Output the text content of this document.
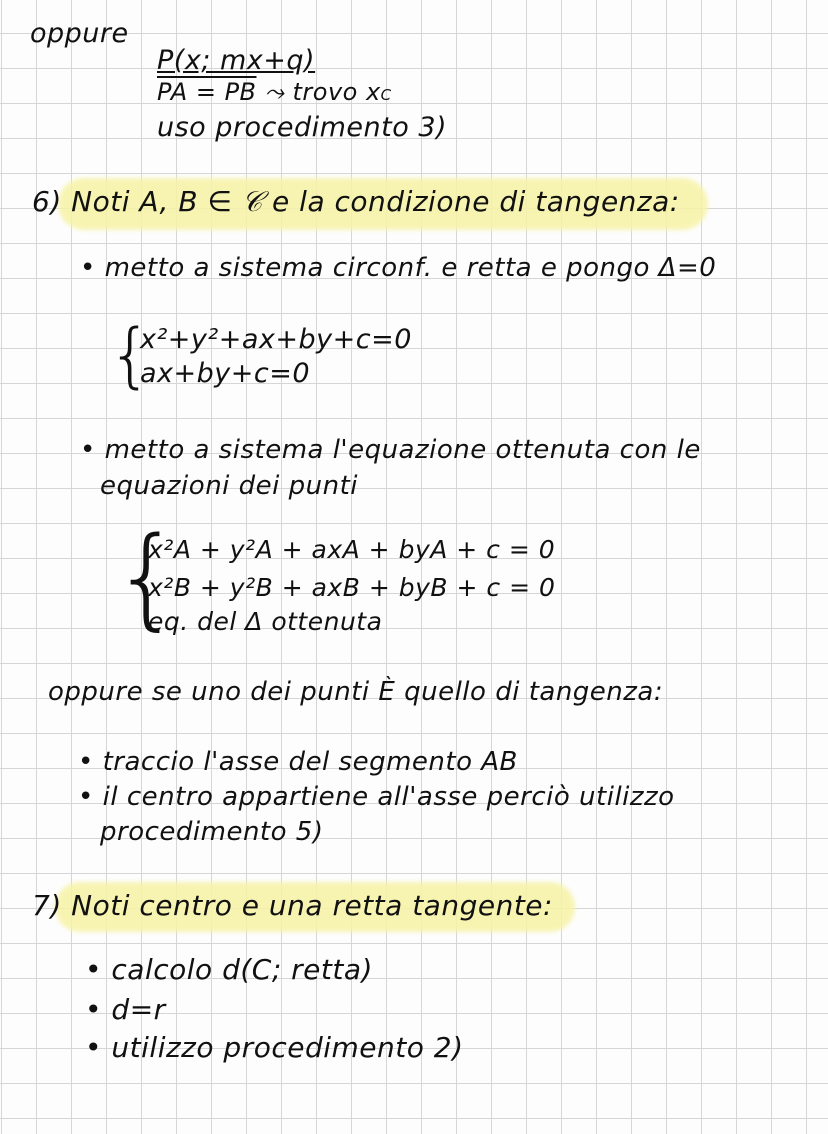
oppure
P(x; mx+q)
PA = PB ⤳ trovo xC
uso procedimento 3)
6) Noti A, B ∈ 𝒞 e la condizione di tangenza:
• metto a sistema circonf. e retta e pongo Δ=0
{
x²+y²+ax+by+c=0
ax+by+c=0
• metto a sistema l'equazione ottenuta con le
equazioni dei punti
{
x²A + y²A + axA + byA + c = 0
x²B + y²B + axB + byB + c = 0
eq. del Δ ottenuta
oppure se uno dei punti È quello di tangenza:
• traccio l'asse del segmento AB
• il centro appartiene all'asse perciò utilizzo
procedimento 5)
7) Noti centro e una retta tangente:
• calcolo d(C; retta)
• d=r
• utilizzo procedimento 2)
